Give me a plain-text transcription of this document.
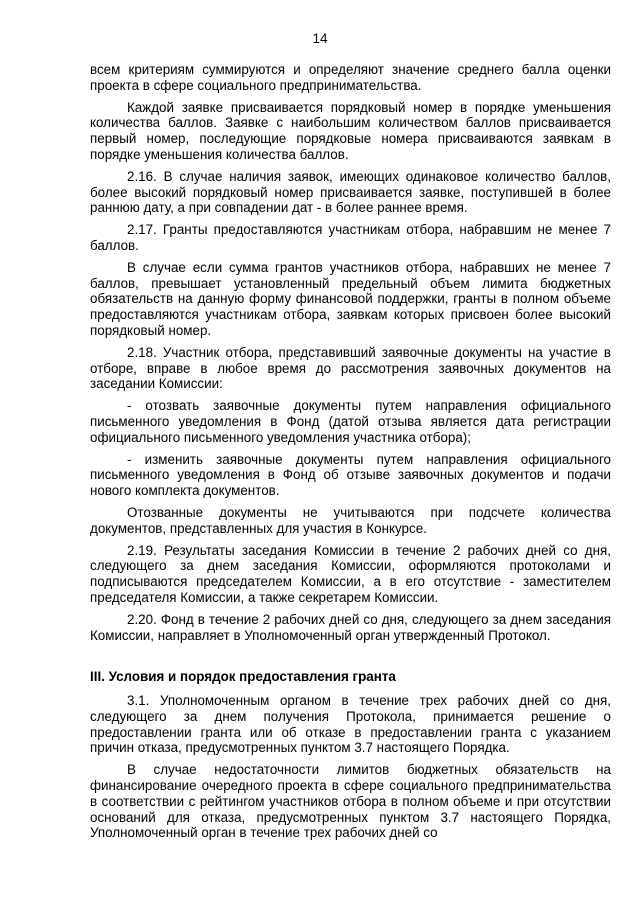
14

всем критериям суммируются и определяют значение среднего балла оценки проекта в сфере социального предпринимательства.

Каждой заявке присваивается порядковый номер в порядке уменьшения количества баллов. Заявке с наибольшим количеством баллов присваивается первый номер, последующие порядковые номера присваиваются заявкам в порядке уменьшения количества баллов.

2.16. В случае наличия заявок, имеющих одинаковое количество баллов, более высокий порядковый номер присваивается заявке, поступившей в более раннюю дату, а при совпадении дат - в более раннее время.

2.17. Гранты предоставляются участникам отбора, набравшим не менее 7 баллов.

В случае если сумма грантов участников отбора, набравших не менее 7 баллов, превышает установленный предельный объем лимита бюджетных обязательств на данную форму финансовой поддержки, гранты в полном объеме предоставляются участникам отбора, заявкам которых присвоен более высокий порядковый номер.

2.18. Участник отбора, представивший заявочные документы на участие в отборе, вправе в любое время до рассмотрения заявочных документов на заседании Комиссии:

- отозвать заявочные документы путем направления официального письменного уведомления в Фонд (датой отзыва является дата регистрации официального письменного уведомления участника отбора);

- изменить заявочные документы путем направления официального письменного уведомления в Фонд об отзыве заявочных документов и подачи нового комплекта документов.

Отозванные документы не учитываются при подсчете количества документов, представленных для участия в Конкурсе.

2.19. Результаты заседания Комиссии в течение 2 рабочих дней со дня, следующего за днем заседания Комиссии, оформляются протоколами и подписываются председателем Комиссии, а в его отсутствие - заместителем председателя Комиссии, а также секретарем Комиссии.

2.20. Фонд в течение 2 рабочих дней со дня, следующего за днем заседания Комиссии, направляет в Уполномоченный орган утвержденный Протокол.

III. Условия и порядок предоставления гранта

3.1. Уполномоченным органом в течение трех рабочих дней со дня, следующего за днем получения Протокола, принимается решение о предоставлении гранта или об отказе в предоставлении гранта с указанием причин отказа, предусмотренных пунктом 3.7 настоящего Порядка.

В случае недостаточности лимитов бюджетных обязательств на финансирование очередного проекта в сфере социального предпринимательства в соответствии с рейтингом участников отбора в полном объеме и при отсутствии оснований для отказа, предусмотренных пунктом 3.7 настоящего Порядка, Уполномоченный орган в течение трех рабочих дней со
